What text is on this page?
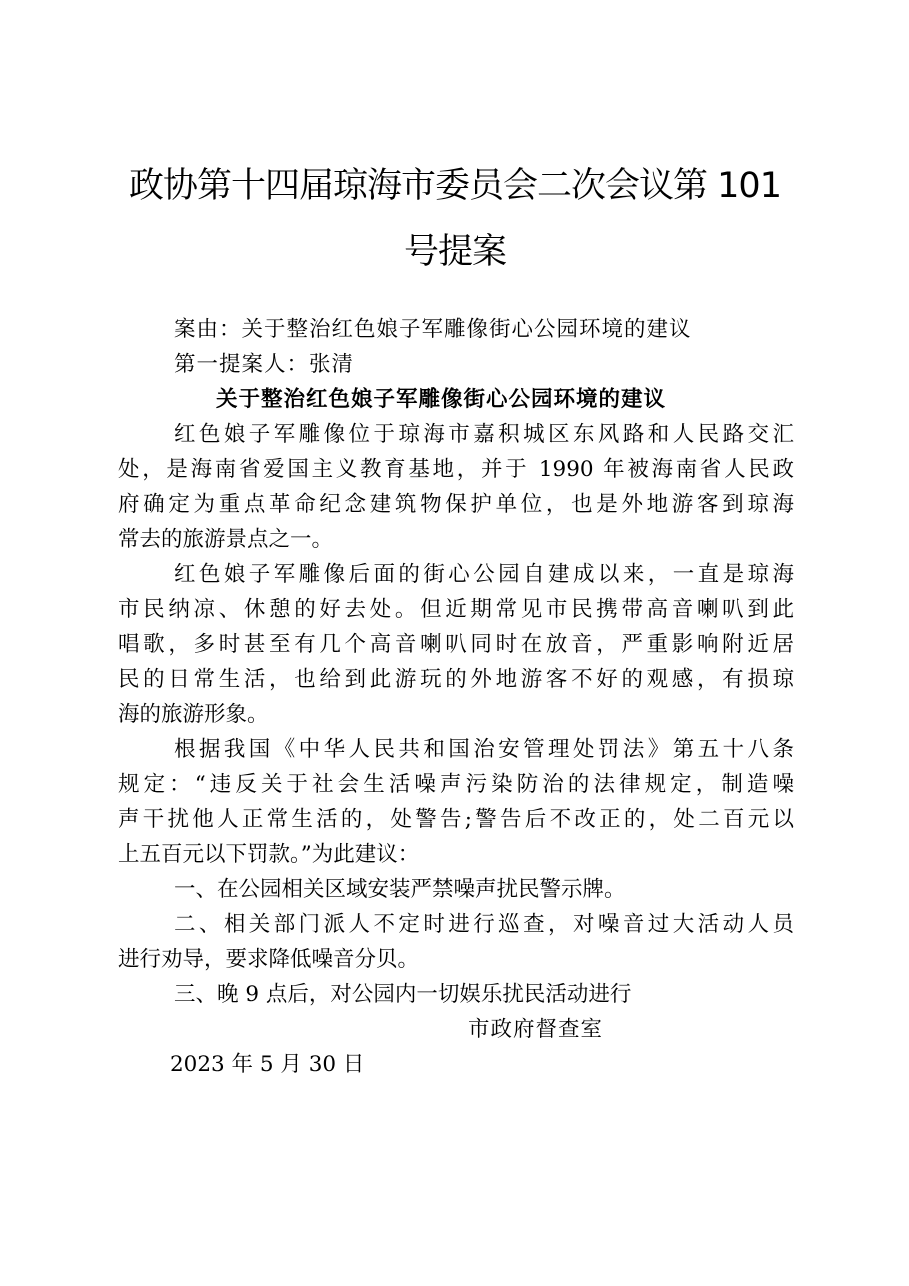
政协第十四届琼海市委员会二次会议第 101
号提案
案由：关于整治红色娘子军雕像街心公园环境的建议
第一提案人：张清
关于整治红色娘子军雕像街心公园环境的建议
红色娘子军雕像位于琼海市嘉积城区东风路和人民路交汇
处，是海南省爱国主义教育基地，并于 1990 年被海南省人民政
府确定为重点革命纪念建筑物保护单位，也是外地游客到琼海
常去的旅游景点之一。
红色娘子军雕像后面的街心公园自建成以来，一直是琼海
市民纳凉、休憩的好去处。但近期常见市民携带高音喇叭到此
唱歌，多时甚至有几个高音喇叭同时在放音，严重影响附近居
民的日常生活，也给到此游玩的外地游客不好的观感，有损琼
海的旅游形象。
根据我国《中华人民共和国治安管理处罚法》第五十八条
规定：“违反关于社会生活噪声污染防治的法律规定，制造噪
声干扰他人正常生活的，处警告;警告后不改正的，处二百元以
上五百元以下罚款。”为此建议：
一、在公园相关区域安装严禁噪声扰民警示牌。
二、相关部门派人不定时进行巡查，对噪音过大活动人员
进行劝导，要求降低噪音分贝。
三、晚 9 点后，对公园内一切娱乐扰民活动进行
市政府督查室
2023 年 5 月 30 日
